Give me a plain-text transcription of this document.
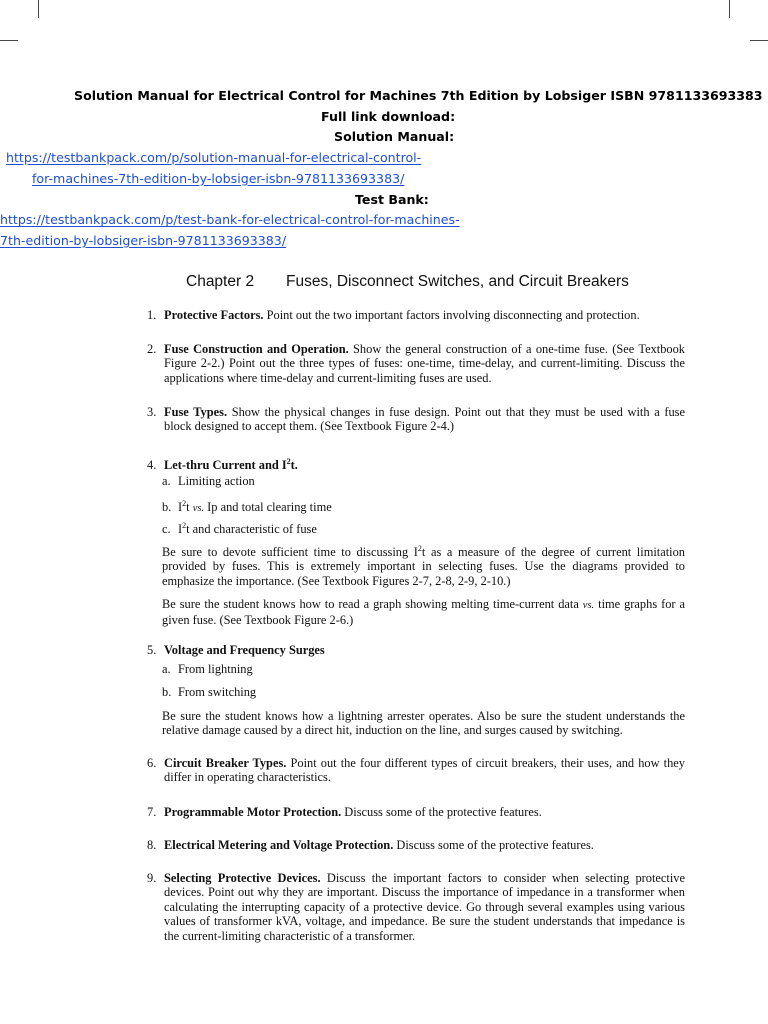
Solution Manual for Electrical Control for Machines 7th Edition by Lobsiger ISBN 9781133693383
Full link download:
Solution Manual:
https://testbankpack.com/p/solution-manual-for-electrical-control-
for-machines-7th-edition-by-lobsiger-isbn-9781133693383/
Test Bank:
https://testbankpack.com/p/test-bank-for-electrical-control-for-machines-
7th-edition-by-lobsiger-isbn-9781133693383/
Chapter 2 Fuses, Disconnect Switches, and Circuit Breakers
1. Protective Factors. Point out the two important factors involving disconnecting and protection.
2. Fuse Construction and Operation. Show the general construction of a one-time fuse. (See Textbook Figure 2-2.) Point out the three types of fuses: one-time, time-delay, and current-limiting. Discuss the applications where time-delay and current-limiting fuses are used.
3. Fuse Types. Show the physical changes in fuse design. Point out that they must be used with a fuse block designed to accept them. (See Textbook Figure 2-4.)
4. Let-thru Current and $I^2t$.
a. Limiting action
b. $I^2t$ vs. Ip and total clearing time
c. $I^2t$ and characteristic of fuse
Be sure to devote sufficient time to discussing $I^2t$ as a measure of the degree of current limitation provided by fuses. This is extremely important in selecting fuses. Use the diagrams provided to emphasize the importance. (See Textbook Figures 2-7, 2-8, 2-9, 2-10.)
Be sure the student knows how to read a graph showing melting time-current data vs. time graphs for a given fuse. (See Textbook Figure 2-6.)
5. Voltage and Frequency Surges
a. From lightning
b. From switching
Be sure the student knows how a lightning arrester operates. Also be sure the student understands the relative damage caused by a direct hit, induction on the line, and surges caused by switching.
6. Circuit Breaker Types. Point out the four different types of circuit breakers, their uses, and how they differ in operating characteristics.
7. Programmable Motor Protection. Discuss some of the protective features.
8. Electrical Metering and Voltage Protection. Discuss some of the protective features.
9. Selecting Protective Devices. Discuss the important factors to consider when selecting protective devices. Point out why they are important. Discuss the importance of impedance in a transformer when calculating the interrupting capacity of a protective device. Go through several examples using various values of transformer kVA, voltage, and impedance. Be sure the student understands that impedance is the current-limiting characteristic of a transformer.
